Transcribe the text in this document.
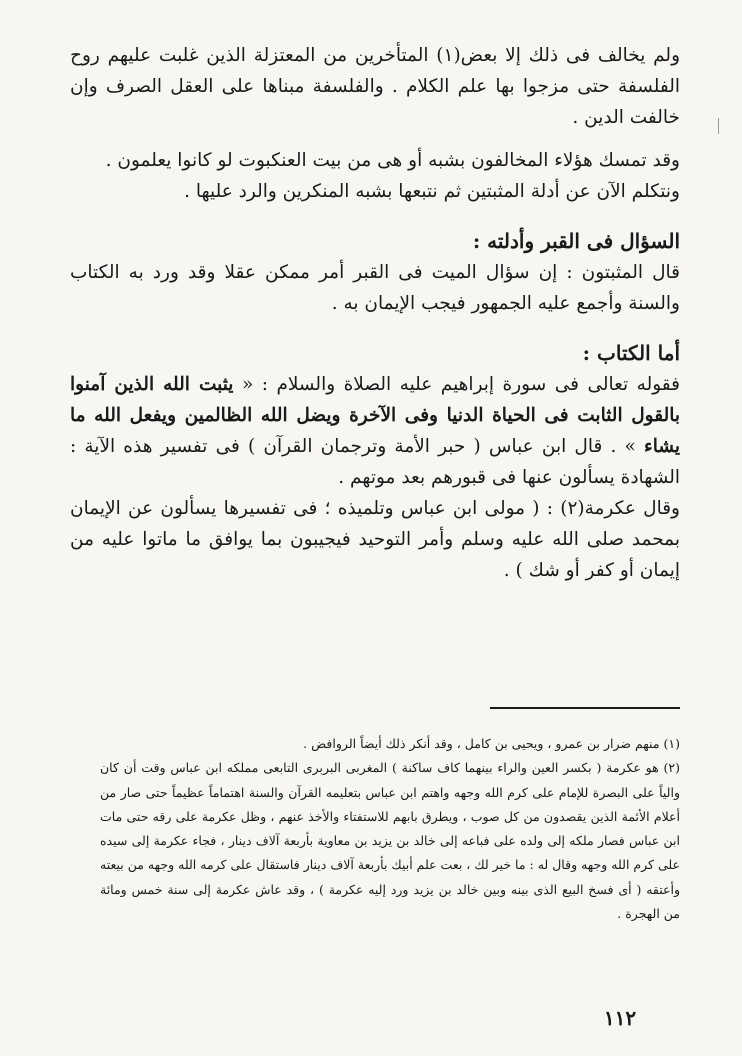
ولم يخالف فى ذلك إلا بعض(١) المتأخرين من المعتزلة الذين غلبت عليهم روح الفلسفة حتى مزجوا بها علم الكلام . والفلسفة مبناها على العقل الصرف وإن خالفت الدين .

وقد تمسك هؤلاء المخالفون بشبه أو هى من بيت العنكبوت لو كانوا يعلمون .

ونتكلم الآن عن أدلة المثبتين ثم نتبعها بشبه المنكرين والرد عليها .

السؤال فى القبر وأدلته :

قال المثبتون : إن سؤال الميت فى القبر أمر ممكن عقلا وقد ورد به الكتاب والسنة وأجمع عليه الجمهور فيجب الإيمان به .

أما الكتاب :

فقوله تعالى فى سورة إبراهيم عليه الصلاة والسلام : « يثبت الله الذين آمنوا بالقول الثابت فى الحياة الدنيا وفى الآخرة ويضل الله الظالمين ويفعل الله ما يشاء » . قال ابن عباس ( حبر الأمة وترجمان القرآن ) فى تفسير هذه الآية : الشهادة يسألون عنها فى قبورهم بعد موتهم .

وقال عكرمة(٢) : ( مولى ابن عباس وتلميذه ؛ فى تفسيرها يسألون عن الإيمان بمحمد صلى الله عليه وسلم وأمر التوحيد فيجيبون بما يوافق ما ماتوا عليه من إيمان أو كفر أو شك ) .

(١) منهم ضرار بن عمرو ، ويحيى بن كامل ، وقد أنكر ذلك أيضاً الروافض .

(٢) هو عكرمة ( بكسر العين والراء بينهما كاف ساكنة ) المغربى البربرى التابعى مملكه ابن عباس وقت أن كان والياً على البصرة للإمام على كرم الله وجهه واهتم ابن عباس بتعليمه القرآن والسنة اهتماماً عظيماً حتى صار من أعلام الأئمة الذين يقصدون من كل صوب ، ويطرق بابهم للاستفتاء والأخذ عنهم ، وظل عكرمة على رقه حتى مات ابن عباس فصار ملكه إلى ولده على فباعه إلى خالد بن يزيد بن معاوية بأربعة آلاف دينار ، فجاء عكرمة إلى سيده على كرم الله وجهه وقال له : ما خير لك ، بعت علم أبيك بأربعة آلاف دينار فاستقال على كرمه الله وجهه من بيعته وأعتقه ( أى فسخ البيع الذى بينه وبين خالد بن يزيد ورد إليه عكرمة ) ، وقد عاش عكرمة إلى سنة خمس ومائة من الهجرة .

١١٢
